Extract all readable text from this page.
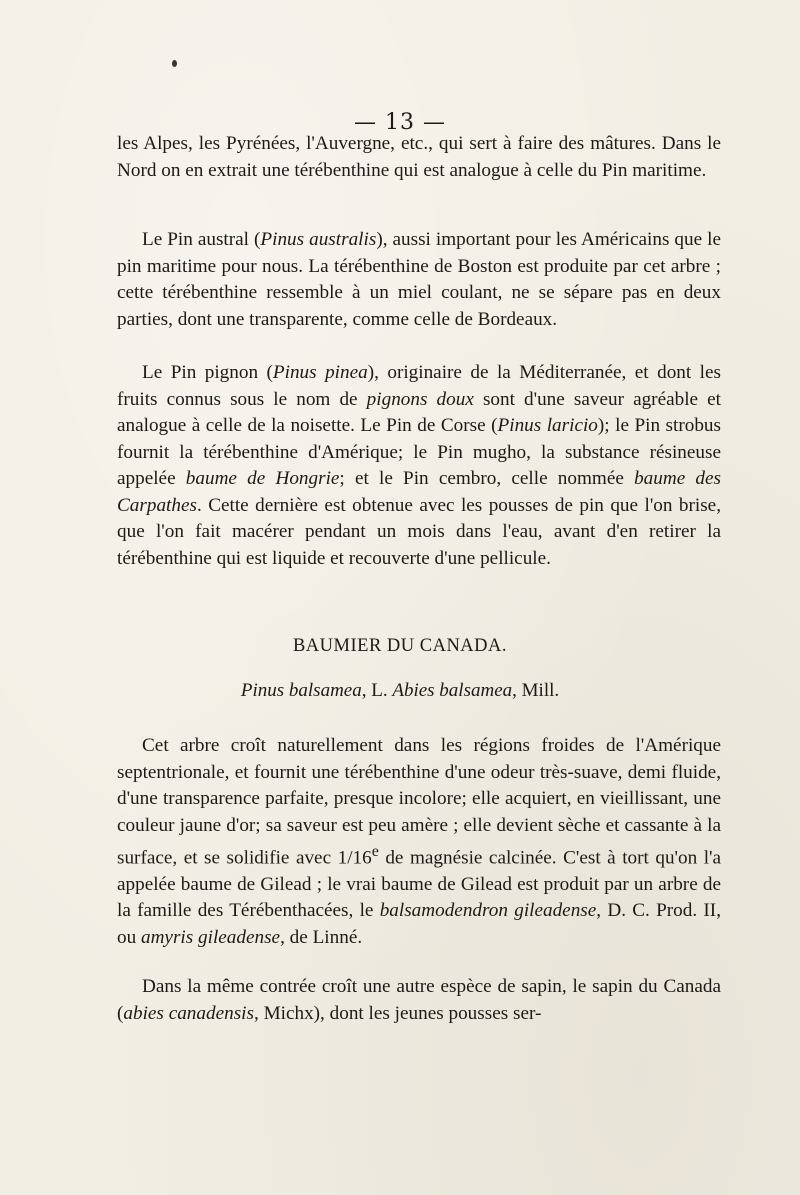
— 13 —

les Alpes, les Pyrénées, l'Auvergne, etc., qui sert à faire des mâtures. Dans le Nord on en extrait une térébenthine qui est analogue à celle du Pin maritime.

Le Pin austral (Pinus australis), aussi important pour les Américains que le pin maritime pour nous. La térébenthine de Boston est produite par cet arbre ; cette térébenthine ressemble à un miel coulant, ne se sépare pas en deux parties, dont une transparente, comme celle de Bordeaux.

Le Pin pignon (Pinus pinea), originaire de la Méditerranée, et dont les fruits connus sous le nom de pignons doux sont d'une saveur agréable et analogue à celle de la noisette. Le Pin de Corse (Pinus laricio); le Pin strobus fournit la térébenthine d'Amérique; le Pin mugho, la substance résineuse appelée baume de Hongrie; et le Pin cembro, celle nommée baume des Carpathes. Cette dernière est obtenue avec les pousses de pin que l'on brise, que l'on fait macérer pendant un mois dans l'eau, avant d'en retirer la térébenthine qui est liquide et recouverte d'une pellicule.

BAUMIER DU CANADA.
Pinus balsamea, L. Abies balsamea, Mill.

Cet arbre croît naturellement dans les régions froides de l'Amérique septentrionale, et fournit une térébenthine d'une odeur très-suave, demi fluide, d'une transparence parfaite, presque incolore; elle acquiert, en vieillissant, une couleur jaune d'or; sa saveur est peu amère ; elle devient sèche et cassante à la surface, et se solidifie avec 1/16e de magnésie calcinée. C'est à tort qu'on l'a appelée baume de Gilead ; le vrai baume de Gilead est produit par un arbre de la famille des Térébenthacées, le balsamodendron gileadense, D. C. Prod. II, ou amyris gileadense, de Linné.

Dans la même contrée croît une autre espèce de sapin, le sapin du Canada (abies canadensis, Michx), dont les jeunes pousses ser-
